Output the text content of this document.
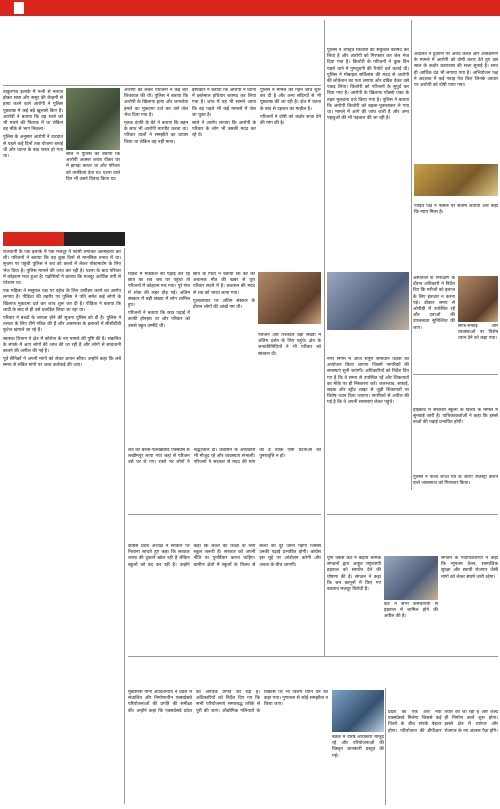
ठाकुरगंज इलाके में पत्नी से नाराज़ होकर सास और ससुर की बेरहमी से हत्या करने वाले आरोपी ने पुलिस पूछताछ में कई बड़े खुलासे किए हैं। आरोपी ने बताया कि वह साले को भी मारने की फिराक में था लेकिन वह मौके से भाग निकला।

पुलिस के अनुसार आरोपी ने वारदात से पहले कई दिनों तक योजना बनाई थी और घटना के बाद फरार हो गया था।	साले ने पुलिस को बताया कि आरोपी अक्सर शराब पीकर घर में झगड़ा करता था और परिवार को धमकियां देता था। घटना वाले दिन भी उसने विवाद किया था।

आरोपी को लेकर परिजनों ने कई बार शिकायत की थी। पुलिस ने बताया कि आरोपी के खिलाफ हत्या और जानलेवा हमले का मुकदमा दर्ज कर उसे जेल भेज दिया गया है।

मृतक दंपति के बेटे ने बताया कि बहन के साथ भी आरोपी मारपीट करता था। परिवार वालों ने समझौते का प्रयास किया था लेकिन वह नहीं माना।

इंस्पेक्टर ने बताया कि आरोपी ने घटना में इस्तेमाल हथियार बरामद कर लिया गया है। जांच में यह भी सामने आया कि वह पहले भी कई मामलों में जेल जा चुका है।

साले ने आरोप लगाया कि आरोपी के परिवार के लोग भी उसकी मदद कर रहे थे।

पुलिस ने मामले की गहन जांच शुरू कर दी है और अन्य संदिग्धों से भी पूछताछ की जा रही है। क्षेत्र में घटना के बाद से दहशत का माहौल है।

परिजनों ने दोषी को कठोर सजा देने की मांग की है।

राजधानी के एक इलाके में एक मजदूर ने फांसी लगाकर आत्महत्या कर ली। परिजनों ने बताया कि वह कुछ दिनों से मानसिक तनाव में था। सूचना पर पहुंची पुलिस ने शव को कब्जे में लेकर पोस्टमार्टम के लिए भेज दिया है। पुलिस मामले की जांच कर रही है। घटना के बाद परिवार में कोहराम मचा हुआ है। पड़ोसियों ने बताया कि मजदूर आर्थिक तंगी से परेशान था।

एक महिला ने ससुराल पक्ष पर दहेज के लिए उत्पीड़न करने का आरोप लगाया है। पीड़िता की तहरीर पर पुलिस ने पति समेत कई लोगों के खिलाफ मुकदमा दर्ज कर जांच शुरू कर दी है। पीड़िता ने बताया कि शादी के बाद से ही उसे प्रताड़ित किया जा रहा था।

परिवार ने बच्चों के लापता होने की सूचना पुलिस को दी है। पुलिस ने तलाश के लिए टीमें गठित की हैं और आसपास के इलाकों में सीसीटीवी फुटेज खंगाले जा रहे हैं।

स्वास्थ्य विभाग ने क्षेत्र में कोरोना के नए मामले की पुष्टि की है। संक्रमित के संपर्क में आए लोगों की जांच की जा रही है और लोगों से सावधानी बरतने की अपील की गई है।

पूर्व सैनिकों ने अपनी मांगों को लेकर ज्ञापन सौंपा। उन्होंने कहा कि लंबे समय से लंबित मांगों पर जल्द कार्रवाई की जाए।

विदेश में मेडिकल की पढ़ाई कर रहे छात्र का शव जब घर पहुंचा तो परिजनों में कोहराम मच गया। पूरे गांव में शोक की लहर दौड़ गई। अंतिम संस्कार में बड़ी संख्या में लोग शामिल हुए।

परिजनों ने बताया कि छात्र पढ़ाई में काफी होनहार था और परिवार को उससे बहुत उम्मीदें थीं।

छात्र के पिता ने बताया कि बेटे की अचानक मौत की खबर से पूरा परिवार सदमे में है। प्रशासन की मदद से शव को भारत लाया गया।

गुलालाघाट पर अंतिम संस्कार के दौरान लोगों की आंखें नम थीं।

परिजन और रिश्तेदार बड़ी संख्या में अंतिम दर्शन के लिए पहुंचे। क्षेत्र के जनप्रतिनिधियों ने भी परिवार को सांत्वना दी।

शव को बरेली-फर्रुखाबाद एक्सप्रेस से लखीमपुर लाया गया जहां से परिजन उसे घर ले गए। रास्ते भर लोगों ने श्रद्धांजलि दी। प्रशासन के अधिकारी भी मौजूद रहे और व्यवस्थाएं संभालीं। परिजनों ने सरकार से मदद की मांग की है ताकि ऐसी घटनाओं की पुनरावृत्ति न हो।

कांग्रेस प्रदेश अध्यक्ष ने सरकार पर निशाना साधते हुए कहा कि सरकार शराब की दुकानें खोल रही है लेकिन स्कूलों को बंद कर रही है। उन्होंने कहा कि बच्चों की शिक्षा के लिए स्कूल जरूरी हैं। सरकार को अपनी नीति पर पुनर्विचार करना चाहिए। ग्रामीण क्षेत्रों में स्कूलों के विलय से बच्चों को दूर जाना पड़ेगा जिससे उनकी पढ़ाई प्रभावित होगी। कांग्रेस इस मुद्दे पर आंदोलन करेगी और जनता के बीच जाएगी।

मुख्यमंत्री योगी आदित्यनाथ ने प्रदेश में संचालित और निर्माणाधीन एक्सप्रेसवे परियोजनाओं की प्रगति की समीक्षा की। उन्होंने कहा कि एक्सप्रेसवे प्रदेश की आर्थिक प्रगति की रीढ़ हैं। अधिकारियों को निर्देश दिए गए कि सभी परियोजनाएं समयबद्ध तरीके से पूरी की जाएं। औद्योगिक गलियारों के विकास पर भी विशेष ध्यान देने को कहा गया। गुणवत्ता से कोई समझौता न किया जाए।

बैठक में वरिष्ठ अधिकारी मौजूद रहे और परियोजनाओं की विस्तृत जानकारी प्रस्तुत की गई।

प्रदेश को एक और नया एक्सप्रेसवे मिलेगा जिससे कई जिलों के बीच संपर्क बेहतर होगा। परियोजना की डीपीआर तैयार की जा रही है और जल्द ही निर्माण कार्य शुरू होगा। इससे क्षेत्र में व्यापार और रोजगार के नए अवसर पैदा होंगे।

पुलिस ने अपहृत किशोरी को सकुशल बरामद कर लिया है और आरोपी को गिरफ्तार कर जेल भेज दिया गया है। किशोरी के परिजनों ने कुछ दिन पहले थाने में गुमशुदगी की रिपोर्ट दर्ज कराई थी। पुलिस ने मोबाइल सर्विलांस की मदद से आरोपी की लोकेशन का पता लगाया और दबिश देकर उसे पकड़ लिया। किशोरी को परिजनों के सुपुर्द कर दिया गया है। आरोपी के खिलाफ पॉक्सो एक्ट के तहत मुकदमा दर्ज किया गया है। पुलिस ने बताया कि आरोपी किशोरी को बहला-फुसलाकर ले गया था। मामले में आगे की जांच जारी है और अन्य पहलुओं की भी पड़ताल की जा रही है।

नगर निगम में आज संपूर्ण समाधान दिवस का आयोजन किया जाएगा जिसमें नागरिकों की समस्याएं सुनी जाएंगी। अधिकारियों को निर्देश दिए गए हैं कि वे समय से उपस्थित रहें और शिकायतों का मौके पर ही निस्तारण करें। जलभराव, सफाई, सड़क और स्ट्रीट लाइट से जुड़ी शिकायतों पर विशेष ध्यान दिया जाएगा। नागरिकों से अपील की गई है कि वे अपनी समस्याएं लेकर पहुंचें।

अदालत ने दुकानों पर अवैध कब्जे और अतिक्रमण के मामले में आरोपी को दोषी करार देते हुए दस साल के कठोर कारावास की सजा सुनाई है। साथ ही आर्थिक दंड भी लगाया गया है। अभियोजन पक्ष ने अदालत में कई गवाह पेश किए जिनके आधार पर आरोपी को दोषी पाया गया।

पीड़ित पक्ष ने फैसले पर संतोष जताया और कहा कि न्याय मिला है।

अस्पताल के निरीक्षण के दौरान अधिकारी ने निर्देश दिए कि मरीजों को इलाज के लिए इंतजार न करना पड़े। डॉक्टर समय से ओपीडी में उपस्थित रहें और दवाओं की उपलब्धता सुनिश्चित की जाए।	साफ-सफाई और व्यवस्थाओं पर विशेष ध्यान देने को कहा गया।

हाईकोर्ट में सरकारी स्कूलों के विलय के मामले में सुनवाई जारी है। याचिकाकर्ताओं ने कहा कि इससे बच्चों की पढ़ाई प्रभावित होगी।

पुलिस ने फर्जी शपथ पत्र के जरिए रजिस्ट्री कराने वाले जालसाज को गिरफ्तार किया।

यूपी वर्कर्स फ्रंट ने केंद्रीय श्रमिक संगठनों द्वारा आहूत राष्ट्रव्यापी हड़ताल को समर्थन देने की घोषणा की है। संगठन ने कहा कि श्रम कानूनों में किए गए बदलाव मजदूर विरोधी हैं।

फ्रंट ने सभी कर्मचारियों से हड़ताल में शामिल होने की अपील की है।

संगठन के पदाधिकारियों ने कहा कि न्यूनतम वेतन, सामाजिक सुरक्षा और स्थायी रोजगार जैसी मांगों को लेकर संघर्ष जारी रहेगा।
